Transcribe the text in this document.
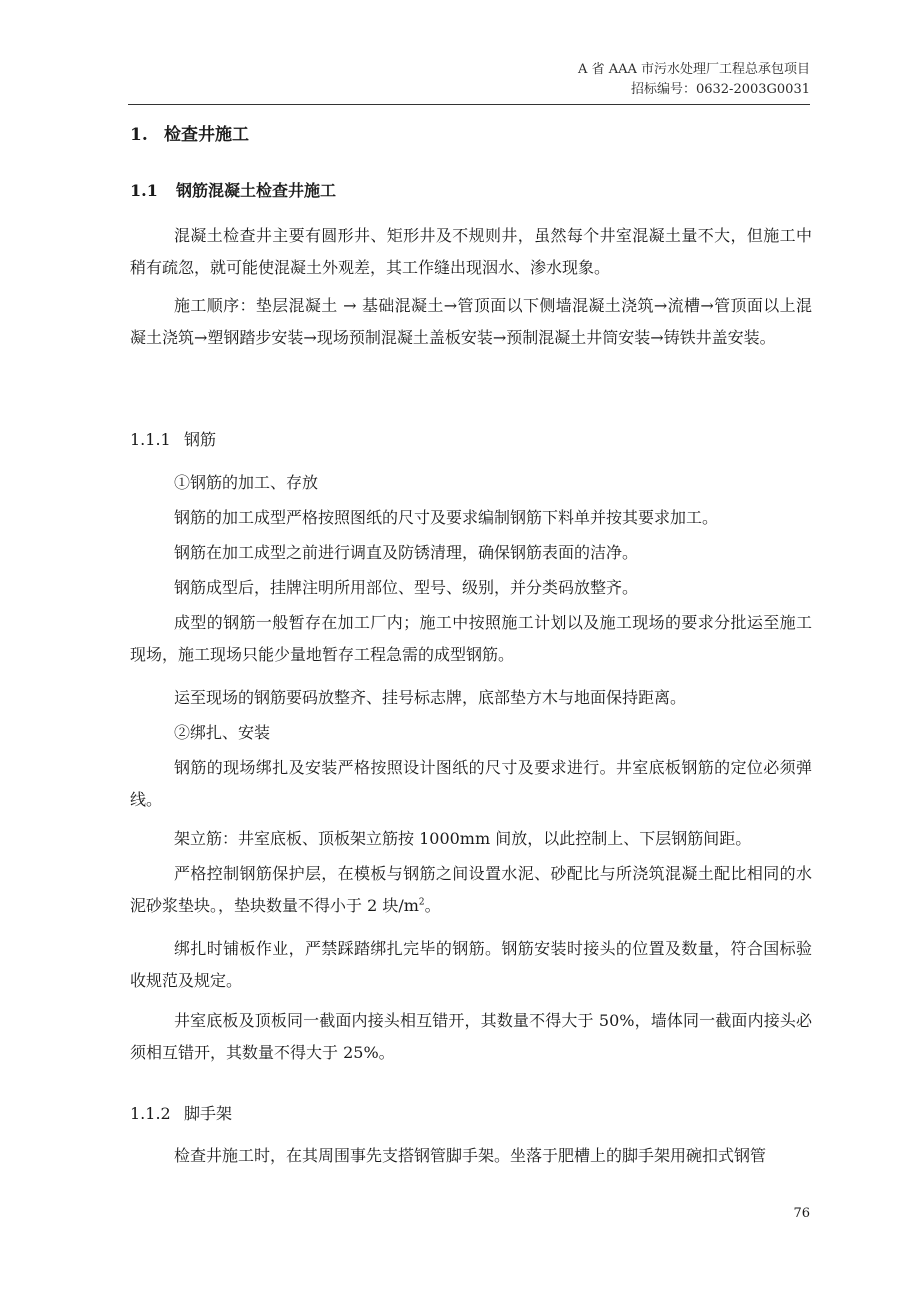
A 省 AAA 市污水处理厂工程总承包项目
招标编号：0632-2003G0031
1. 检查井施工
1.1 钢筋混凝土检查井施工
混凝土检查井主要有圆形井、矩形井及不规则井，虽然每个井室混凝土量不大，但施工中稍有疏忽，就可能使混凝土外观差，其工作缝出现洇水、渗水现象。
施工顺序：垫层混凝土 → 基础混凝土→管顶面以下侧墙混凝土浇筑→流槽→管顶面以上混凝土浇筑→塑钢踏步安装→现场预制混凝土盖板安装→预制混凝土井筒安装→铸铁井盖安装。
1.1.1 钢筋
①钢筋的加工、存放
钢筋的加工成型严格按照图纸的尺寸及要求编制钢筋下料单并按其要求加工。
钢筋在加工成型之前进行调直及防锈清理，确保钢筋表面的洁净。
钢筋成型后，挂牌注明所用部位、型号、级别，并分类码放整齐。
成型的钢筋一般暂存在加工厂内；施工中按照施工计划以及施工现场的要求分批运至施工现场，施工现场只能少量地暂存工程急需的成型钢筋。
运至现场的钢筋要码放整齐、挂号标志牌，底部垫方木与地面保持距离。
②绑扎、安装
钢筋的现场绑扎及安装严格按照设计图纸的尺寸及要求进行。井室底板钢筋的定位必须弹线。
架立筋：井室底板、顶板架立筋按 1000mm 间放，以此控制上、下层钢筋间距。
严格控制钢筋保护层，在模板与钢筋之间设置水泥、砂配比与所浇筑混凝土配比相同的水泥砂浆垫块。，垫块数量不得小于 2 块$/m^2$。
绑扎时铺板作业，严禁踩踏绑扎完毕的钢筋。钢筋安装时接头的位置及数量，符合国标验收规范及规定。
井室底板及顶板同一截面内接头相互错开，其数量不得大于 50%，墙体同一截面内接头必须相互错开，其数量不得大于 25%。
1.1.2 脚手架
检查井施工时，在其周围事先支搭钢管脚手架。坐落于肥槽上的脚手架用碗扣式钢管
76
